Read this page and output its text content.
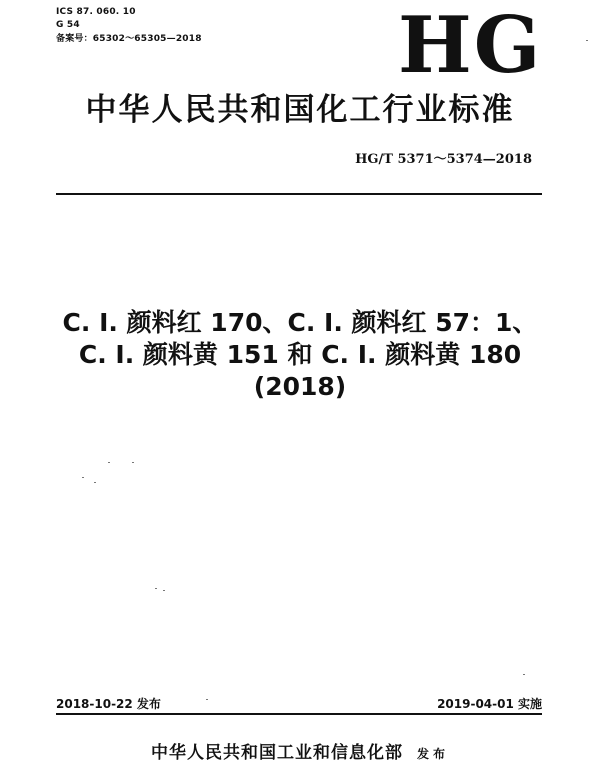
ICS 87. 060. 10
G 54
备案号：65302～65305—2018	HG
中华人民共和国化工行业标准
HG/T 5371～5374—2018
C. I. 颜料红 170、C. I. 颜料红 57：1、
C. I. 颜料黄 151 和 C. I. 颜料黄 180
(2018)
2018-10-22 发布	2019-04-01 实施
中华人民共和国工业和信息化部 发布
